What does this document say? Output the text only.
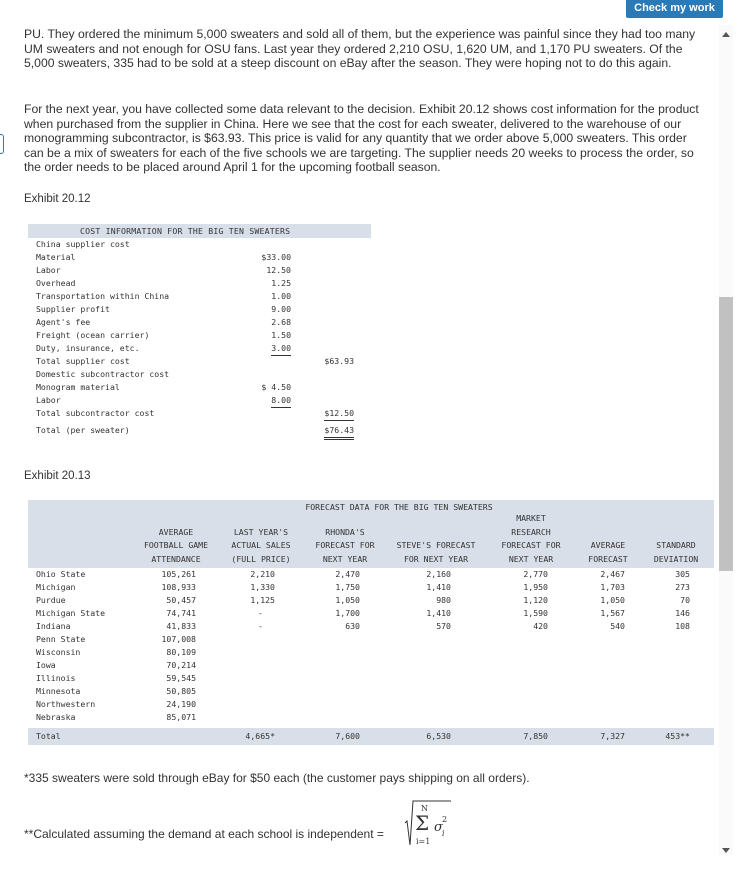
Check my work

PU. They ordered the minimum 5,000 sweaters and sold all of them, but the experience was painful since they had too many UM sweaters and not enough for OSU fans. Last year they ordered 2,210 OSU, 1,620 UM, and 1,170 PU sweaters. Of the 5,000 sweaters, 335 had to be sold at a steep discount on eBay after the season. They were hoping not to do this again.

For the next year, you have collected some data relevant to the decision. Exhibit 20.12 shows cost information for the product when purchased from the supplier in China. Here we see that the cost for each sweater, delivered to the warehouse of our monogramming subcontractor, is $63.93. This price is valid for any quantity that we order above 5,000 sweaters. This order can be a mix of sweaters for each of the five schools we are targeting. The supplier needs 20 weeks to process the order, so the order needs to be placed around April 1 for the upcoming football season.

Exhibit 20.12
COST INFORMATION FOR THE BIG TEN SWEATERS
China supplier cost
Material	$33.00
Labor	12.50
Overhead	1.25
Transportation within China	1.00
Supplier profit	9.00
Agent's fee	2.68
Freight (ocean carrier)	1.50
Duty, insurance, etc.	3.00
Total supplier cost	$63.93
Domestic subcontractor cost
Monogram material	$ 4.50
Labor	8.00
Total subcontractor cost	$12.50
Total (per sweater)	$76.43
Exhibit 20.13
FORECAST DATA FOR THE BIG TEN SWEATERS
AVERAGE
FOOTBALL GAME
ATTENDANCE
LAST YEAR'S
ACTUAL SALES
(FULL PRICE)
RHONDA'S
FORECAST FOR
NEXT YEAR
STEVE'S FORECAST
FOR NEXT YEAR
MARKET
RESEARCH
FORECAST FOR
NEXT YEAR
AVERAGE
FORECAST
STANDARD
DEVIATION
Ohio State	105,261	2,210	2,470	2,160	2,770	2,467	305
Michigan	108,933	1,330	1,750	1,410	1,950	1,703	273
Purdue	50,457	1,125	1,050	980	1,120	1,050	70
Michigan State	74,741	-	1,700	1,410	1,590	1,567	146
Indiana	41,833	-	630	570	420	540	108
Penn State	107,008
Wisconsin	80,109
Iowa	70,214
Illinois	59,545
Minnesota	50,805
Northwestern	24,190
Nebraska	85,071
Total	4,665*	7,600	6,530	7,850	7,327	453**
*335 sweaters were sold through eBay for $50 each (the customer pays shipping on all orders).
**Calculated assuming the demand at each school is independent =
N
Σ σ
2
i
i=1
